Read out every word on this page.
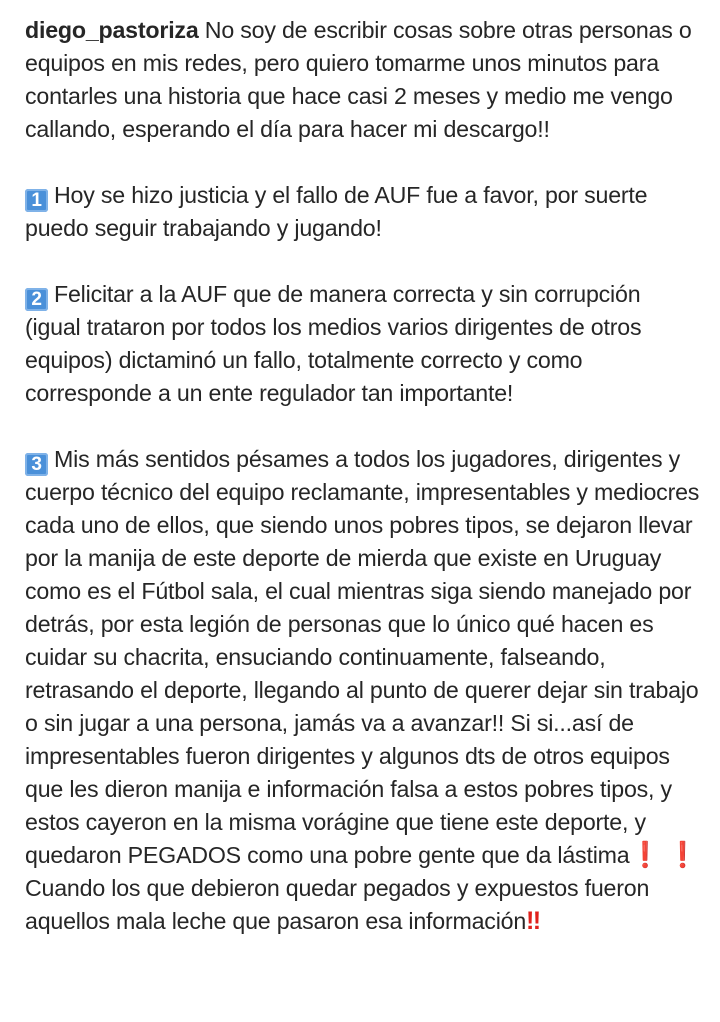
diego_pastoriza No soy de escribir cosas sobre otras personas o equipos en mis redes, pero quiero tomarme unos minutos para contarles una historia que hace casi 2 meses y medio me vengo callando, esperando el día para hacer mi descargo!!

1 Hoy se hizo justicia y el fallo de AUF fue a favor, por suerte puedo seguir trabajando y jugando!

2 Felicitar a la AUF que de manera correcta y sin corrupción (igual trataron por todos los medios varios dirigentes de otros equipos) dictaminó un fallo, totalmente correcto y como corresponde a un ente regulador tan importante!

3 Mis más sentidos pésames a todos los jugadores, dirigentes y cuerpo técnico del equipo reclamante, impresentables y mediocres cada uno de ellos, que siendo unos pobres tipos, se dejaron llevar por la manija de este deporte de mierda que existe en Uruguay como es el Fútbol sala, el cual mientras siga siendo manejado por detrás, por esta legión de personas que lo único qué hacen es cuidar su chacrita, ensuciando continuamente, falseando, retrasando el deporte, llegando al punto de querer dejar sin trabajo o sin jugar a una persona, jamás va a avanzar!! Si si...así de impresentables fueron dirigentes y algunos dts de otros equipos que les dieron manija e información falsa a estos pobres tipos, y estos cayeron en la misma vorágine que tiene este deporte, y quedaron PEGADOS como una pobre gente que da lástima❗ ❗ Cuando los que debieron quedar pegados y expuestos fueron aquellos mala leche que pasaron esa información‼
